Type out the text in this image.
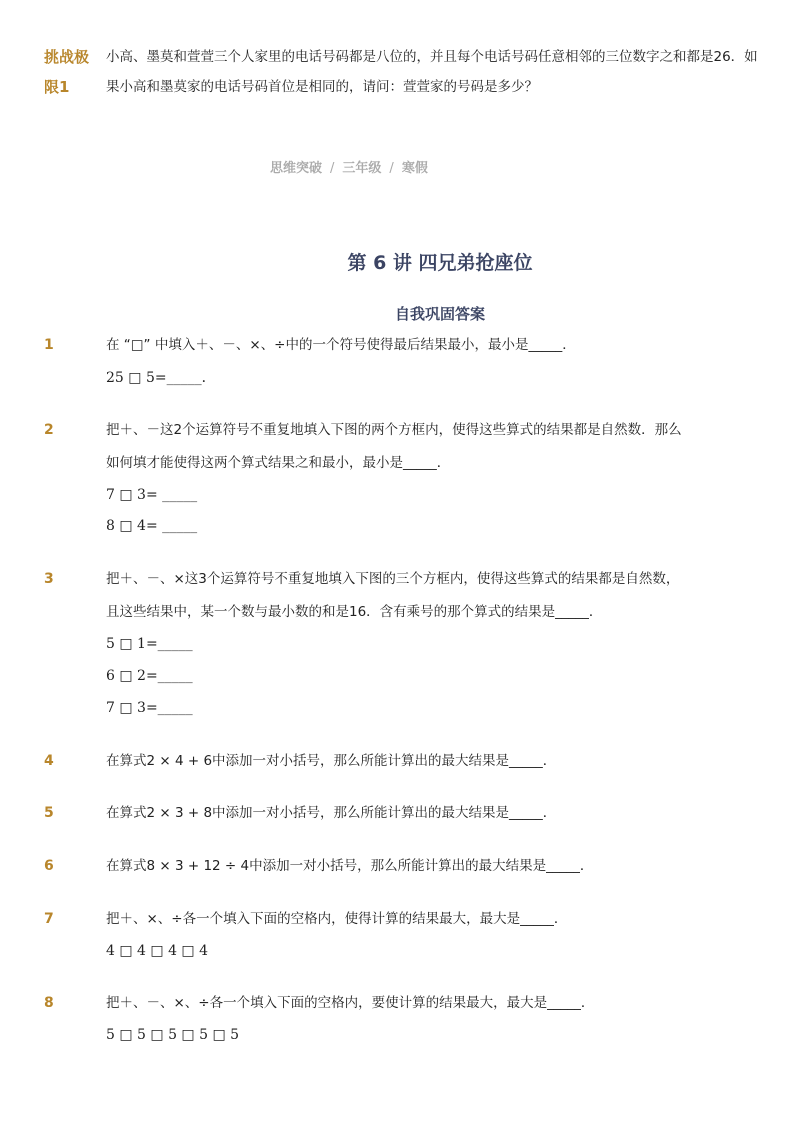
挑战极限1
小高、墨莫和萱萱三个人家里的电话号码都是八位的，并且每个电话号码任意相邻的三位数字之和都是26．如果小高和墨莫家的电话号码首位是相同的，请问：萱萱家的号码是多少？
思维突破 / 三年级 / 寒假
第 6 讲 四兄弟抢座位
自我巩固答案
1	在 “□” 中填入＋、－、×、÷中的一个符号使得最后结果最小，最小是_____．
25 □ 5=_____．
2	把＋、－这2个运算符号不重复地填入下图的两个方框内，使得这些算式的结果都是自然数．那么
如何填才能使得这两个算式结果之和最小，最小是_____．
7 □ 3= _____
8 □ 4= _____
3	把＋、－、×这3个运算符号不重复地填入下图的三个方框内，使得这些算式的结果都是自然数，
且这些结果中，某一个数与最小数的和是16．含有乘号的那个算式的结果是_____．
5 □ 1=_____
6 □ 2=_____
7 □ 3=_____
4	在算式2 × 4 + 6中添加一对小括号，那么所能计算出的最大结果是_____．
5	在算式2 × 3 + 8中添加一对小括号，那么所能计算出的最大结果是_____．
6	在算式8 × 3 + 12 ÷ 4中添加一对小括号，那么所能计算出的最大结果是_____．
7	把＋、×、÷各一个填入下面的空格内，使得计算的结果最大，最大是_____．
4 □ 4 □ 4 □ 4
8	把＋、－、×、÷各一个填入下面的空格内，要使计算的结果最大，最大是_____．
5 □ 5 □ 5 □ 5 □ 5
